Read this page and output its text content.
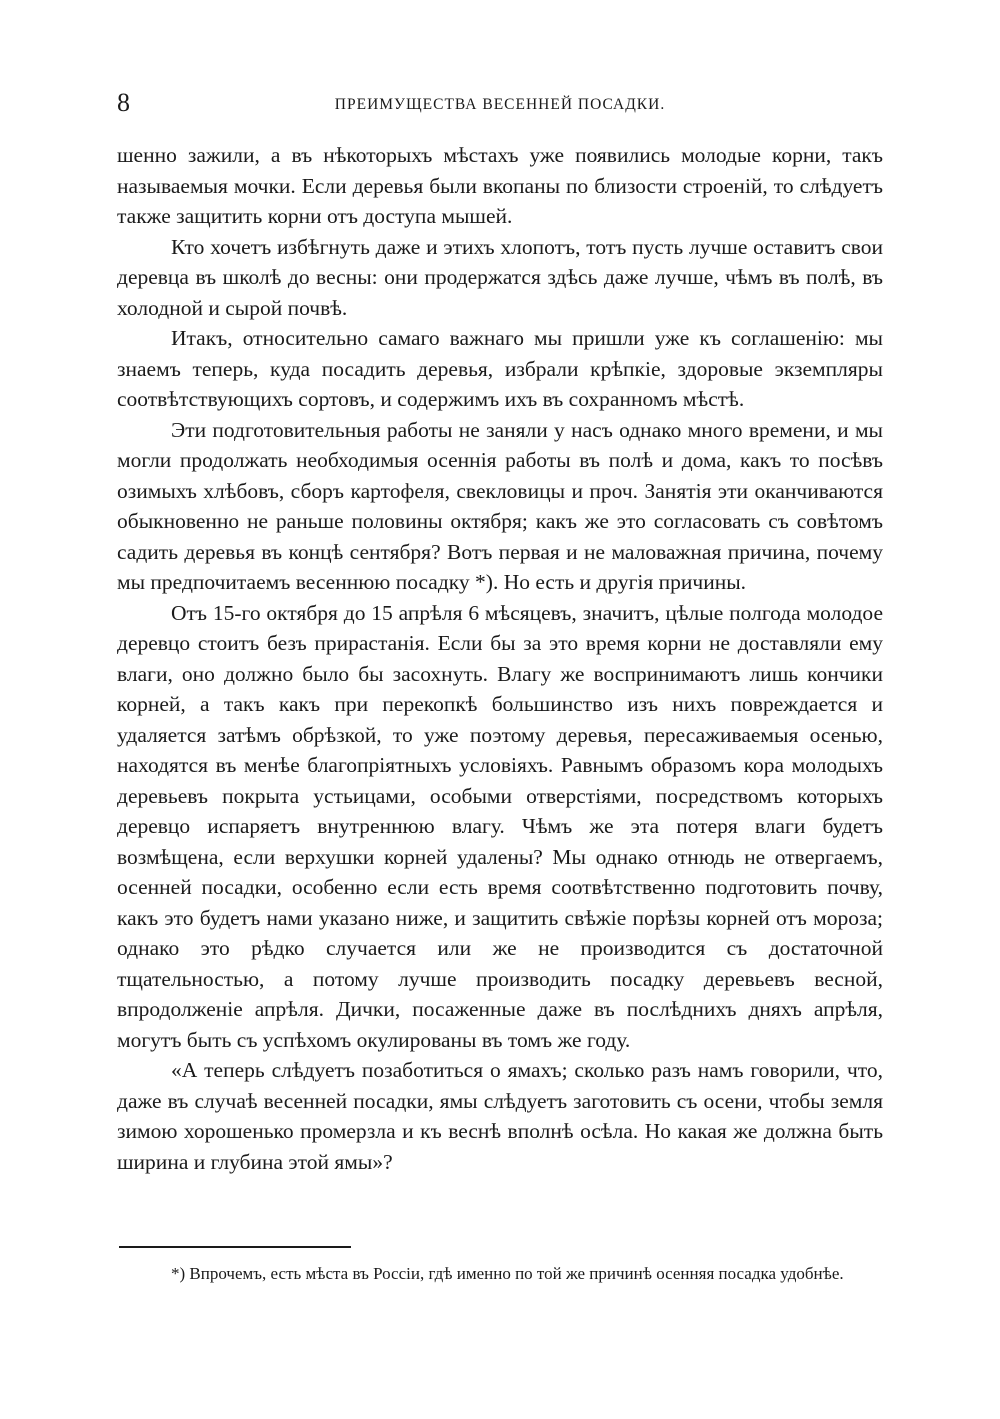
8	ПРЕИМУЩЕСТВА ВЕСЕННЕЙ ПОСАДКИ.

шенно зажили, а въ нѣкоторыхъ мѣстахъ уже появились молодые корни, такъ называемыя мочки. Если деревья были вкопаны по близости строеній, то слѣдуетъ также защитить корни отъ доступа мышей.

Кто хочетъ избѣгнуть даже и этихъ хлопотъ, тотъ пусть лучше оставитъ свои деревца въ школѣ до весны: они продержатся здѣсь даже лучше, чѣмъ въ полѣ, въ холодной и сырой почвѣ.

Итакъ, относительно самаго важнаго мы пришли уже къ соглашенію: мы знаемъ теперь, куда посадить деревья, избрали крѣпкіе, здоровые экземпляры соотвѣтствующихъ сортовъ, и содержимъ ихъ въ сохранномъ мѣстѣ.

Эти подготовительныя работы не заняли у насъ однако много времени, и мы могли продолжать необходимыя осеннія работы въ полѣ и дома, какъ то посѣвъ озимыхъ хлѣбовъ, сборъ картофеля, свекловицы и проч. Занятія эти оканчиваются обыкновенно не раньше половины октября; какъ же это согласовать съ совѣтомъ садить деревья въ концѣ сентября? Вотъ первая и не маловажная причина, почему мы предпочитаемъ весеннюю посадку *). Но есть и другія причины.

Отъ 15-го октября до 15 апрѣля 6 мѣсяцевъ, значитъ, цѣлые полгода молодое деревцо стоитъ безъ прирастанія. Если бы за это время корни не доставляли ему влаги, оно должно было бы засохнуть. Влагу же воспринимаютъ лишь кончики корней, а такъ какъ при перекопкѣ большинство изъ нихъ повреждается и удаляется затѣмъ обрѣзкой, то уже поэтому деревья, пересаживаемыя осенью, находятся въ менѣе благопріятныхъ условіяхъ. Равнымъ образомъ кора молодыхъ деревьевъ покрыта устьицами, особыми отверстіями, посредствомъ которыхъ деревцо испаряетъ внутреннюю влагу. Чѣмъ же эта потеря влаги будетъ возмѣщена, если верхушки корней удалены? Мы однако отнюдь не отвергаемъ, осенней посадки, особенно если есть время соотвѣтственно подготовить почву, какъ это будетъ нами указано ниже, и защитить свѣжіе порѣзы корней отъ мороза; однако это рѣдко случается или же не производится съ достаточной тщательностью, а потому лучше производить посадку деревьевъ весной, впродолженіе апрѣля. Дички, посаженные даже въ послѣднихъ дняхъ апрѣля, могутъ быть съ успѣхомъ окулированы въ томъ же году.

«А теперь слѣдуетъ позаботиться о ямахъ; сколько разъ намъ говорили, что, даже въ случаѣ весенней посадки, ямы слѣдуетъ заготовить съ осени, чтобы земля зимою хорошенько промерзла и къ веснѣ вполнѣ осѣла. Но какая же должна быть ширина и глубина этой ямы»?

*) Впрочемъ, есть мѣста въ Россіи, гдѣ именно по той же причинѣ осенняя посадка удобнѣе.
